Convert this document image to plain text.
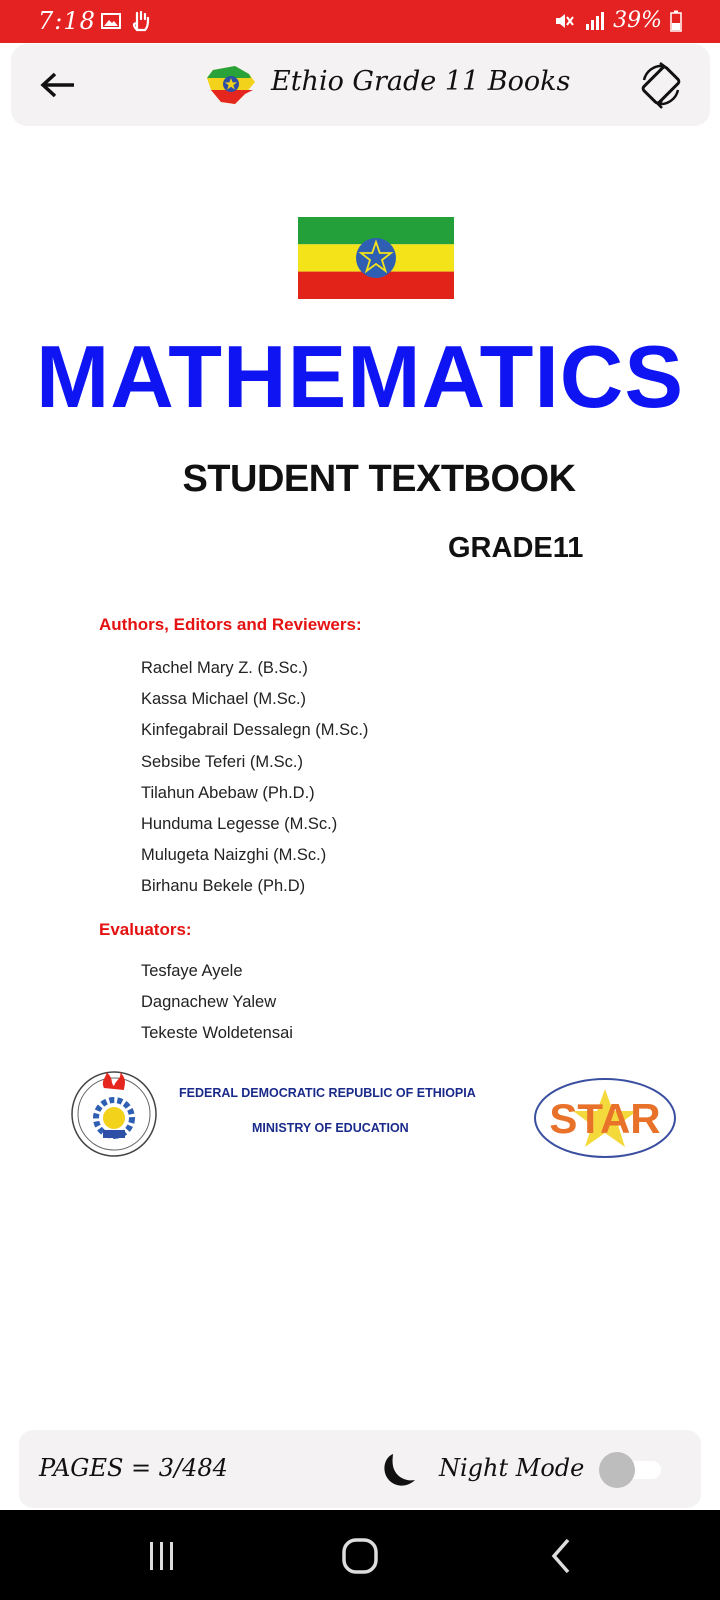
7:18	39%
Ethio Grade 11 Books
MATHEMATICS
STUDENT TEXTBOOK
GRADE11
Authors, Editors and Reviewers:
Rachel Mary Z. (B.Sc.)
Kassa Michael (M.Sc.)
Kinfegabrail Dessalegn (M.Sc.)
Sebsibe Teferi (M.Sc.)
Tilahun Abebaw (Ph.D.)
Hunduma Legesse (M.Sc.)
Mulugeta Naizghi (M.Sc.)
Birhanu Bekele (Ph.D)
Evaluators:
Tesfaye Ayele
Dagnachew Yalew
Tekeste Woldetensai
FEDERAL DEMOCRATIC REPUBLIC OF ETHIOPIA
MINISTRY OF EDUCATION	STAR
PAGES = 3/484	Night Mode
